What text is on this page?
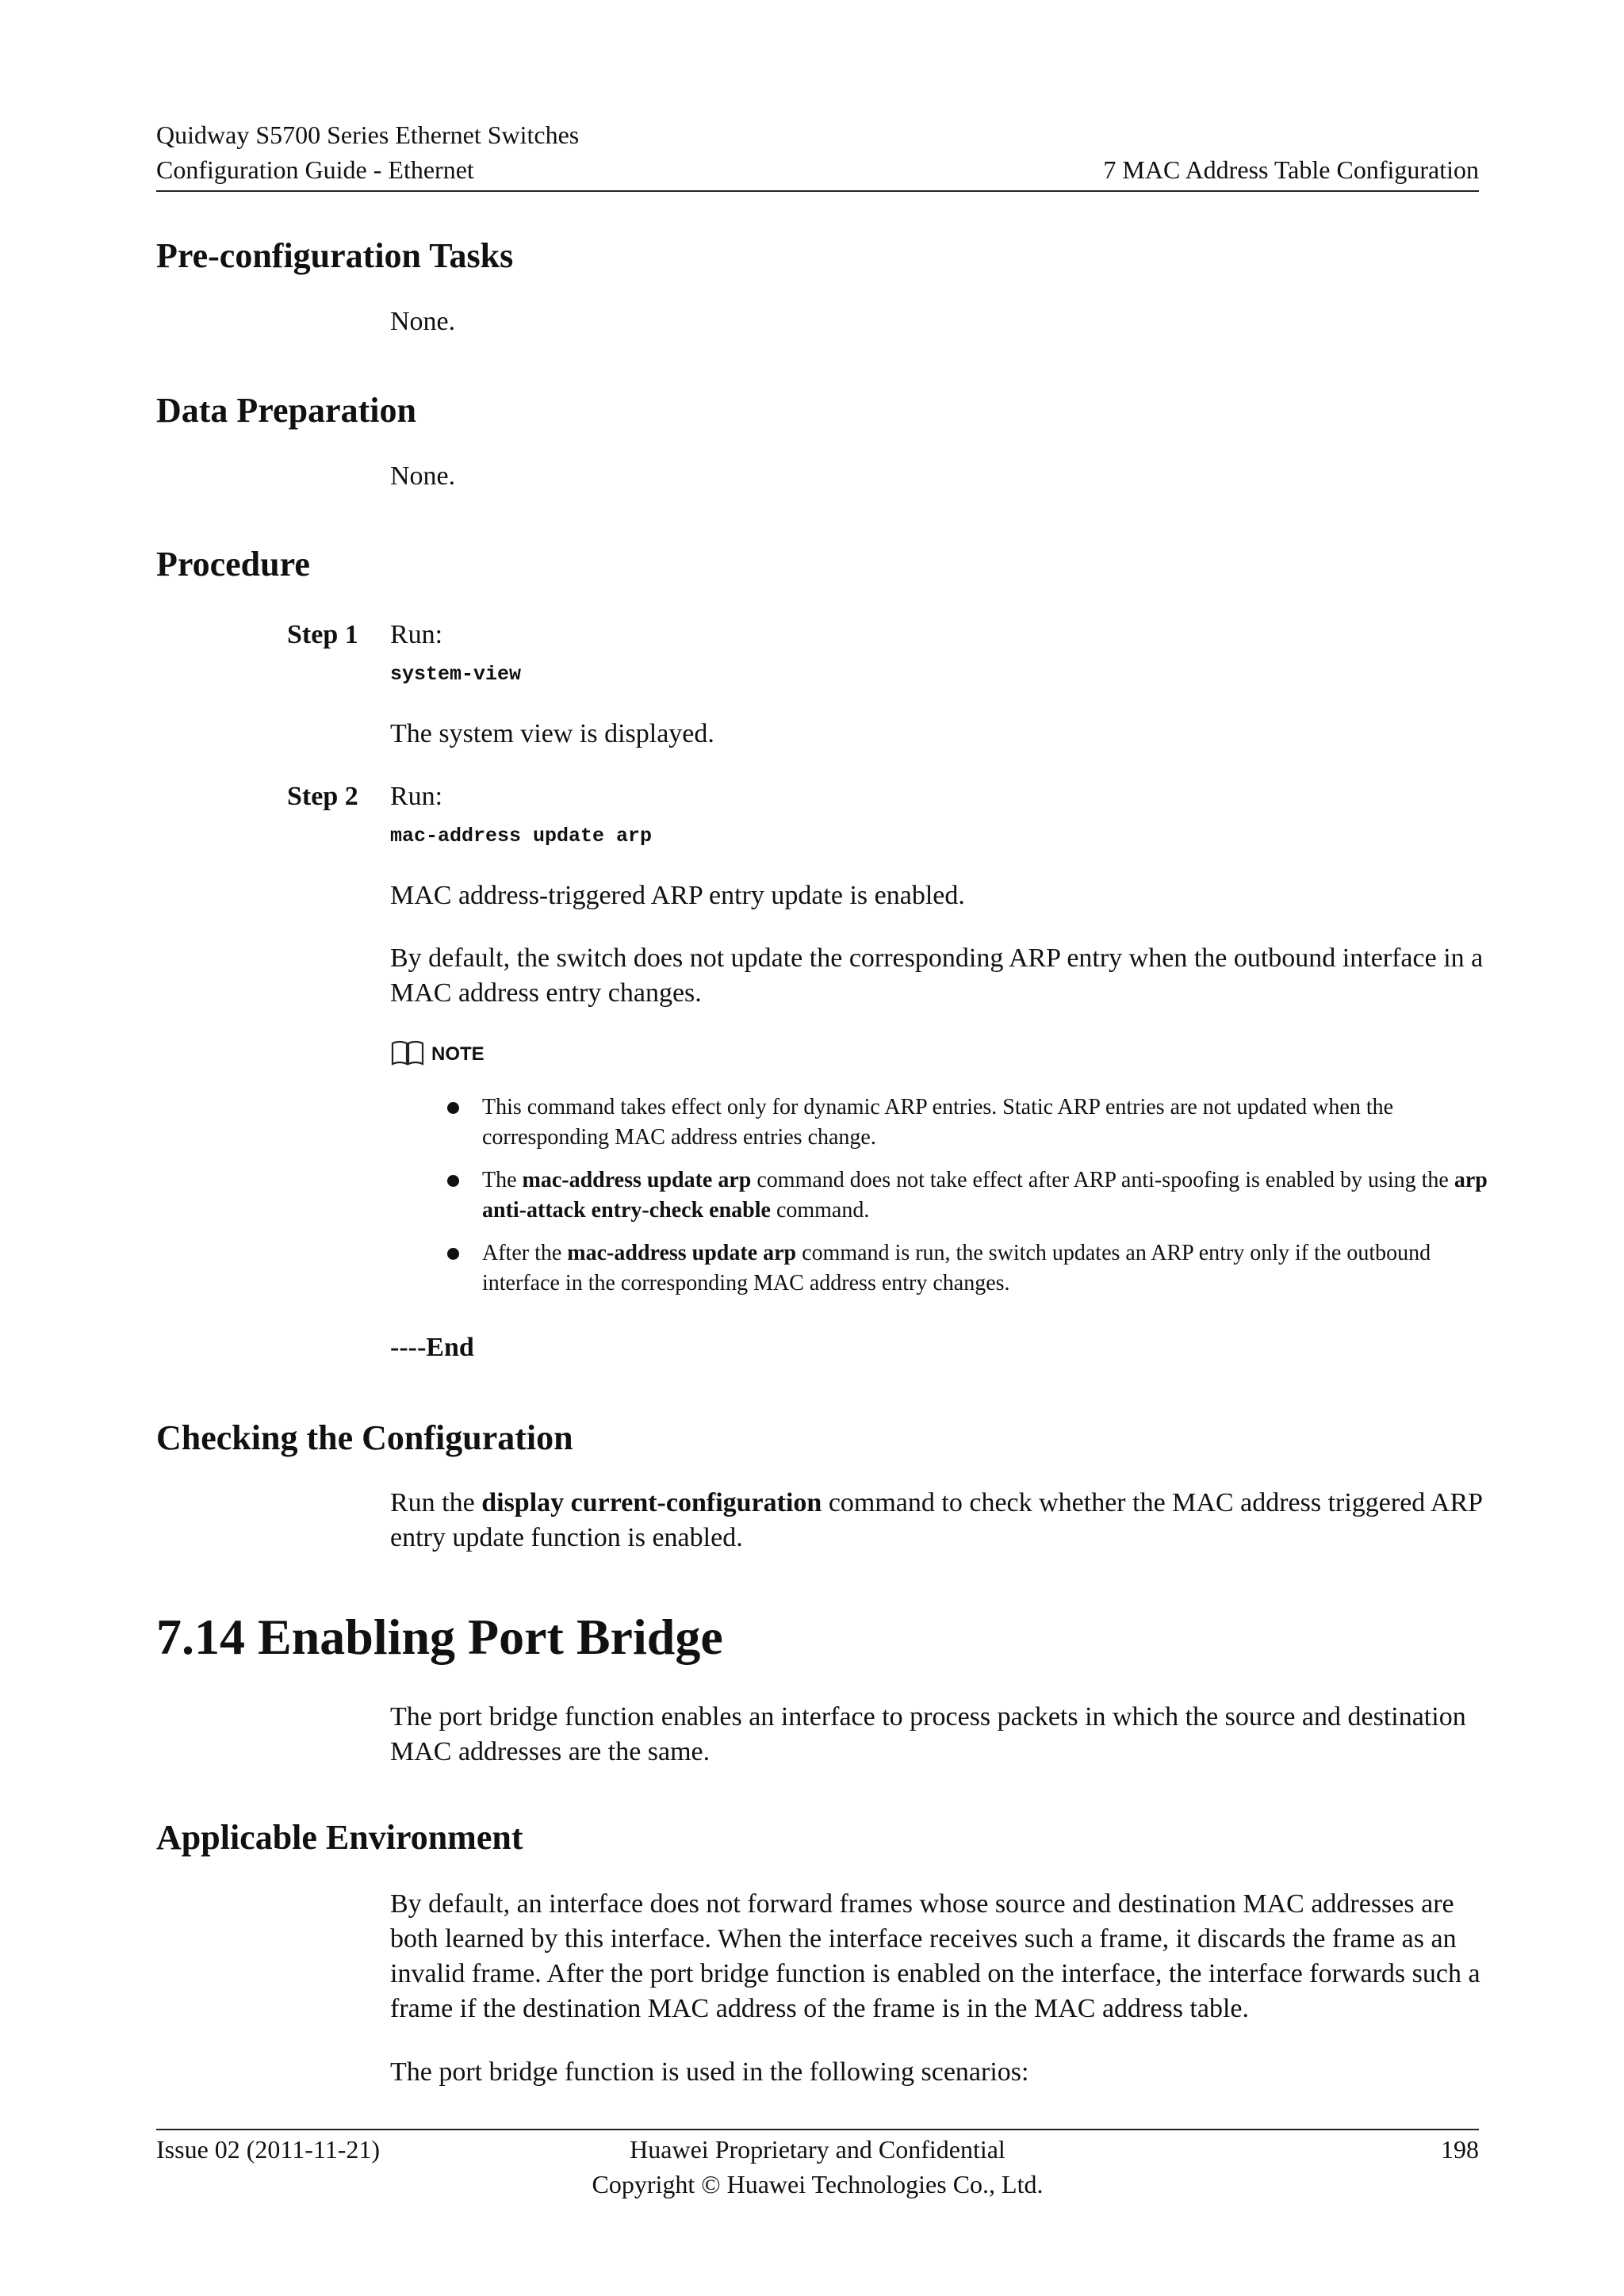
Quidway S5700 Series Ethernet Switches
Configuration Guide - Ethernet	7 MAC Address Table Configuration
Pre-configuration Tasks

None.

Data Preparation

None.

Procedure

Step 1 Run:

system-view

The system view is displayed.

Step 2 Run:

mac-address update arp

MAC address-triggered ARP entry update is enabled.

By default, the switch does not update the corresponding ARP entry when the outbound interface in a MAC address entry changes.

NOTE
This command takes effect only for dynamic ARP entries. Static ARP entries are not updated when the corresponding MAC address entries change.
The mac-address update arp command does not take effect after ARP anti-spoofing is enabled by using the arp anti-attack entry-check enable command.
After the mac-address update arp command is run, the switch updates an ARP entry only if the outbound interface in the corresponding MAC address entry changes.

----End

Checking the Configuration

Run the display current-configuration command to check whether the MAC address triggered ARP entry update function is enabled.

7.14 Enabling Port Bridge

The port bridge function enables an interface to process packets in which the source and destination MAC addresses are the same.

Applicable Environment

By default, an interface does not forward frames whose source and destination MAC addresses are both learned by this interface. When the interface receives such a frame, it discards the frame as an invalid frame. After the port bridge function is enabled on the interface, the interface forwards such a frame if the destination MAC address of the frame is in the MAC address table.

The port bridge function is used in the following scenarios:

Issue 02 (2011-11-21)	Huawei Proprietary and Confidential
Copyright © Huawei Technologies Co., Ltd.
198
